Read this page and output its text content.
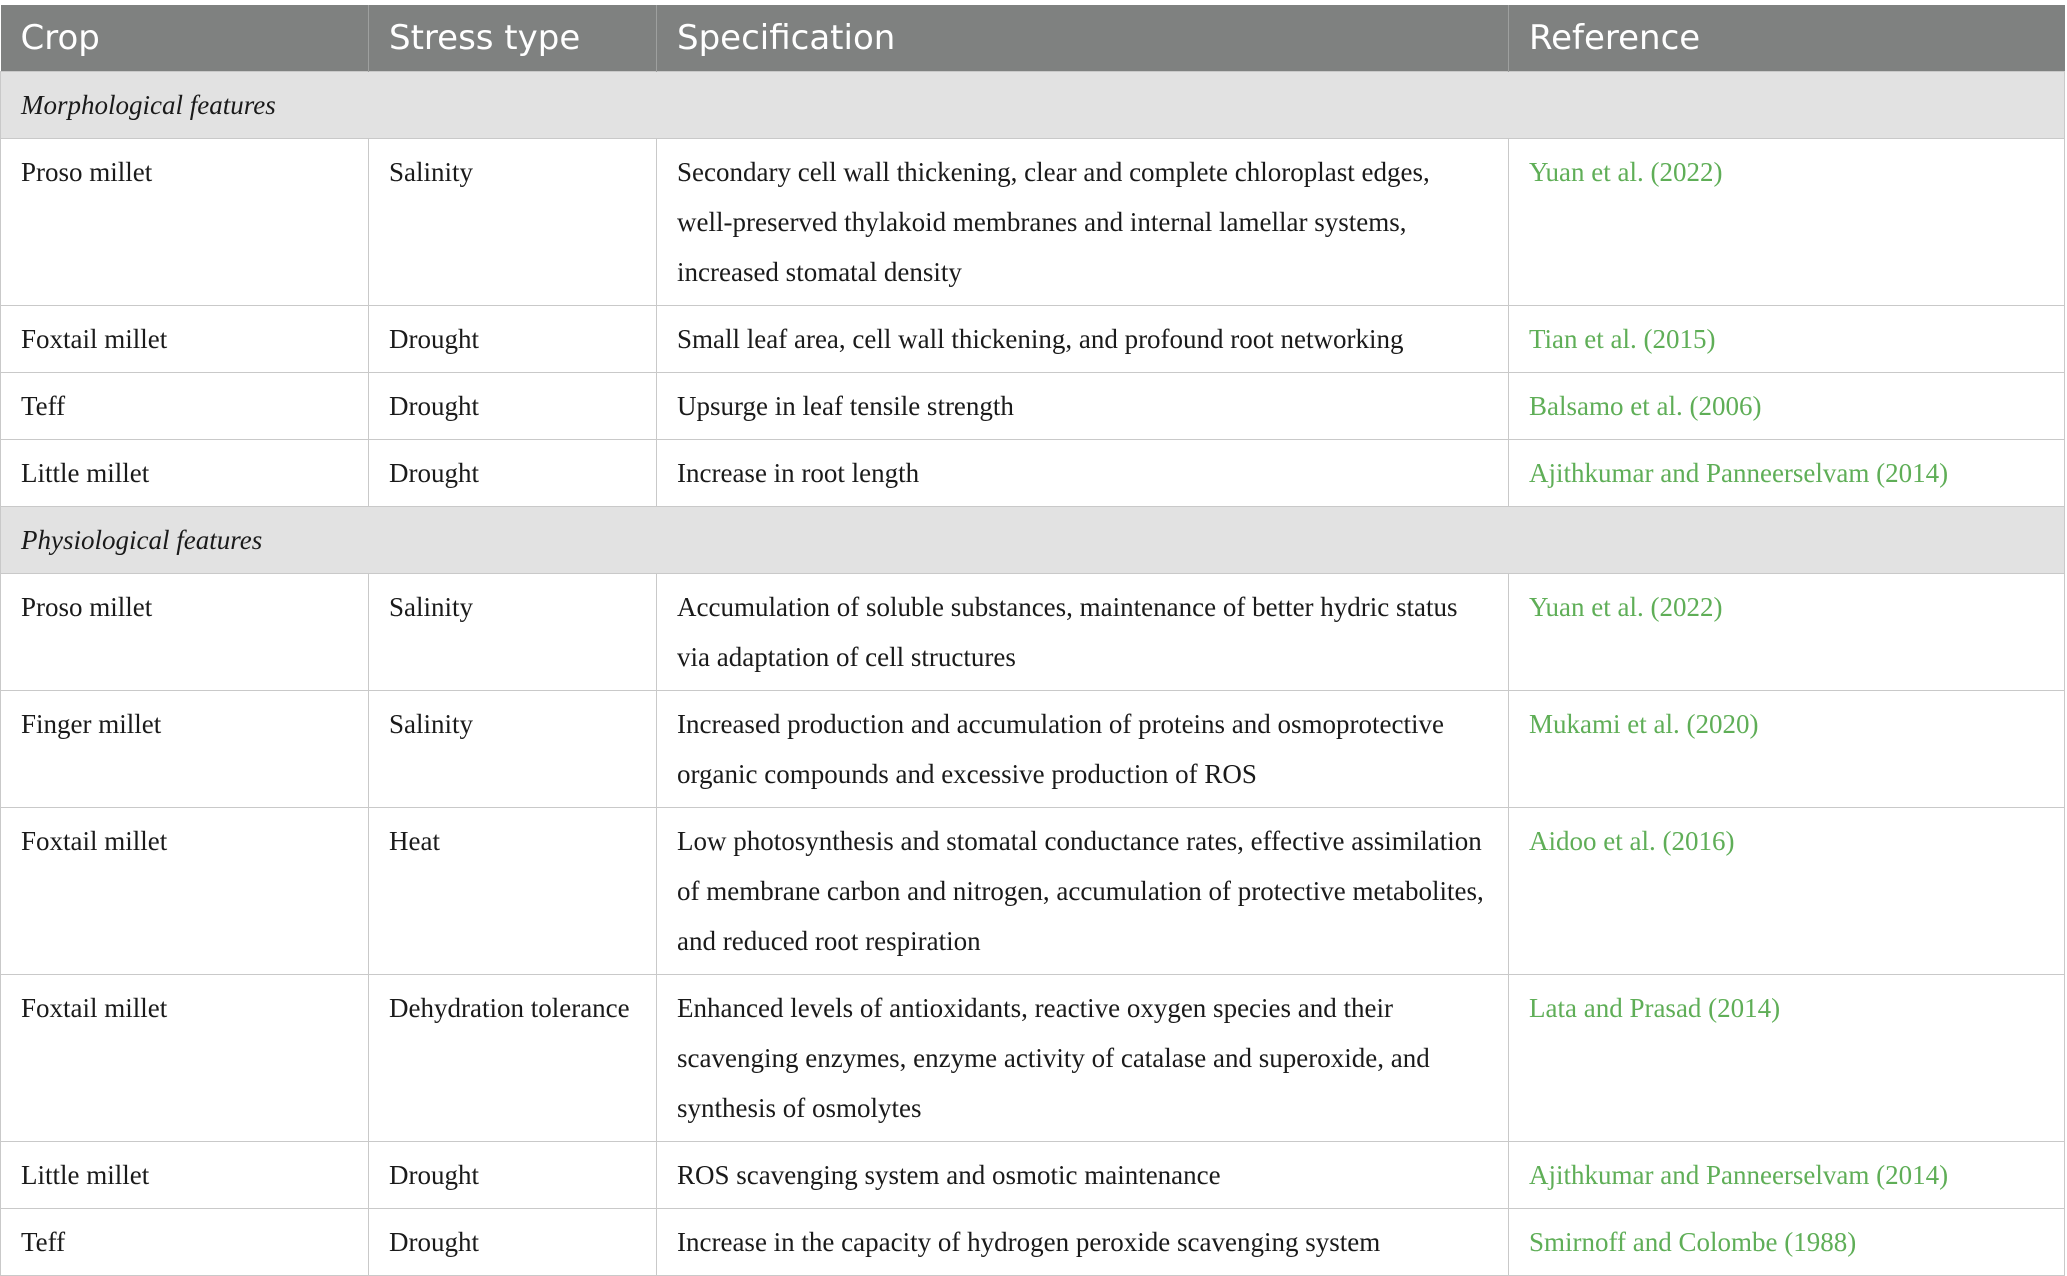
Crop	Stress type	Specification	Reference
Morphological features			
Proso millet	Salinity	Secondary cell wall thickening, clear and complete chloroplast edges, well-preserved thylakoid membranes and internal lamellar systems, increased stomatal density	Yuan et al. (2022)
Foxtail millet	Drought	Small leaf area, cell wall thickening, and profound root networking	Tian et al. (2015)
Teff	Drought	Upsurge in leaf tensile strength	Balsamo et al. (2006)
Little millet	Drought	Increase in root length	Ajithkumar and Panneerselvam (2014)
Physiological features			
Proso millet	Salinity	Accumulation of soluble substances, maintenance of better hydric status via adaptation of cell structures	Yuan et al. (2022)
Finger millet	Salinity	Increased production and accumulation of proteins and osmoprotective organic compounds and excessive production of ROS	Mukami et al. (2020)
Foxtail millet	Heat	Low photosynthesis and stomatal conductance rates, effective assimilation of membrane carbon and nitrogen, accumulation of protective metabolites, and reduced root respiration	Aidoo et al. (2016)
Foxtail millet	Dehydration tolerance	Enhanced levels of antioxidants, reactive oxygen species and their scavenging enzymes, enzyme activity of catalase and superoxide, and synthesis of osmolytes	Lata and Prasad (2014)
Little millet	Drought	ROS scavenging system and osmotic maintenance	Ajithkumar and Panneerselvam (2014)
Teff	Drought	Increase in the capacity of hydrogen peroxide scavenging system	Smirnoff and Colombe (1988)
